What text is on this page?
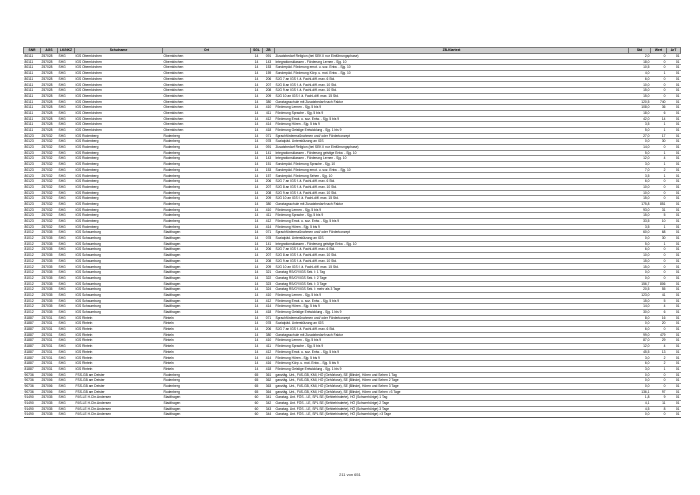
SNR	AGS	LK/NKZ	Schulname	Ort	SGL	ZB	ZB-Klartext	Std	Wert	ArT
80111	257028	SHG	IGS Obernkirchen	Obernkirchen	14	091	Zusatzbedarf Religion (bei SEK II nur Einführungsphase)	2,0	0	01
80111	257028	SHG	IGS Obernkirchen	Obernkirchen	14	143	Integrationsklassen - Förderung Lernen - Sjg. 10	18,0	0	01
80111	257028	SHG	IGS Obernkirchen	Obernkirchen	14	153	Sonderpäd. Förderung emot. u. soz. Entw. - Sjg. 10	10,5	0	01
80111	257028	SHG	IGS Obernkirchen	Obernkirchen	14	159	Sonderpäd. Förderung Körp. u. mot. Entw. - Sjg. 10	4,0	1	01
80111	257028	SHG	IGS Obernkirchen	Obernkirchen	14	206	SJG 7 an IGS f. ä. Fachl-diff. max. 6 Std.	6,0	0	01
80111	257028	SHG	IGS Obernkirchen	Obernkirchen	14	207	SJG 8 an IGS f. ä. Fachl-diff. max. 10 Std.	10,0	0	01
80111	257028	SHG	IGS Obernkirchen	Obernkirchen	14	208	SJG 9 an IGS f. ä. Fachl-diff. max. 10 Std.	15,0	0	01
80111	257028	SHG	IGS Obernkirchen	Obernkirchen	14	209	SJG 10 an IGS f. ä. Fachl-diff. max. 15 Std.	15,0	0	01
80111	257028	SHG	IGS Obernkirchen	Obernkirchen	14	380	Ganztagsschule mit Zusatzbedarf nach Faktor	120,5	740	01
80111	257028	SHG	IGS Obernkirchen	Obernkirchen	14	410	Förderung Lernen - Sjg. 5 bis 9	108,0	36	01
80111	257028	SHG	IGS Obernkirchen	Obernkirchen	14	411	Förderung Sprache - Sjg. 5 bis 9	18,0	6	01
80111	257028	SHG	IGS Obernkirchen	Obernkirchen	14	412	Förderung Emot. u. soz. Entw. - Sjg. 5 bis 9	42,0	14	01
80111	257028	SHG	IGS Obernkirchen	Obernkirchen	14	414	Förderung Hören - Sjg. 5 bis 9	3,5	1	01
80111	257028	SHG	IGS Obernkirchen	Obernkirchen	14	418	Förderung Geistige Entwicklung - Sjg. 1 bis 9	5,0	1	01
80123	257032	SHG	IGS Rodenberg	Rodenberg	14	071	Sprachfördermaßnahmen und/ oder Förderkonzept	27,0	17	01
80123	257032	SHG	IGS Rodenberg	Rodenberg	14	078	Sozialpäd. Unterstützung an IGS	0,0	30	01
80123	257032	SHG	IGS Rodenberg	Rodenberg	14	091	Zusatzbedarf Religion (bei SEK II nur Einführungsphase)	14,0	0	01
80123	257032	SHG	IGS Rodenberg	Rodenberg	14	141	Integrationsklassen - Förderung geistige Entw. - Sjg. 10	5,0	1	01
80123	257032	SHG	IGS Rodenberg	Rodenberg	14	143	Integrationsklassen - Förderung Lernen - Sjg. 10	12,0	4	01
80123	257032	SHG	IGS Rodenberg	Rodenberg	14	151	Sonderpäd. Förderung Sprache - Sjg. 10	3,0	1	01
80123	257032	SHG	IGS Rodenberg	Rodenberg	14	153	Sonderpäd. Förderung emot. u. soz. Entw. - Sjg. 10	7,0	2	01
80123	257032	SHG	IGS Rodenberg	Rodenberg	14	157	Sonderpäd. Förderung Sehen - Sjg. 10	3,5	1	01
80123	257032	SHG	IGS Rodenberg	Rodenberg	14	206	SJG 7 an IGS f. ä. Fachl-diff. max. 6 Std.	6,0	0	01
80123	257032	SHG	IGS Rodenberg	Rodenberg	14	207	SJG 8 an IGS f. ä. Fachl-diff. max. 10 Std.	10,0	0	01
80123	257032	SHG	IGS Rodenberg	Rodenberg	14	208	SJG 9 an IGS f. ä. Fachl-diff. max. 10 Std.	10,0	0	01
80123	257032	SHG	IGS Rodenberg	Rodenberg	14	209	SJG 10 an IGS f. ä. Fachl-diff. max. 15 Std.	15,0	0	01
80123	257032	SHG	IGS Rodenberg	Rodenberg	14	380	Ganztagsschule mit Zusatzbedarf nach Faktor	175,8	851	01
80123	257032	SHG	IGS Rodenberg	Rodenberg	14	410	Förderung Lernen - Sjg. 5 bis 9	93,0	31	01
80123	257032	SHG	IGS Rodenberg	Rodenberg	14	411	Förderung Sprache - Sjg. 5 bis 9	15,0	5	01
80123	257032	SHG	IGS Rodenberg	Rodenberg	14	412	Förderung Emot. u. soz. Entw. - Sjg. 5 bis 9	33,5	10	01
80123	257032	SHG	IGS Rodenberg	Rodenberg	14	414	Förderung Hören - Sjg. 5 bis 9	3,5	1	01
81012	257035	SHG	IGS Schaumburg	Stadthagen	14	071	Sprachfördermaßnahmen und/ oder Förderkonzept	60,0	68	01
81012	257035	SHG	IGS Schaumburg	Stadthagen	14	078	Sozialpäd. Unterstützung an IGS	0,0	30	01
81012	257035	SHG	IGS Schaumburg	Stadthagen	14	141	Integrationsklassen - Förderung geistige Entw. - Sjg. 10	5,0	1	01
81012	257035	SHG	IGS Schaumburg	Stadthagen	14	206	SJG 7 an IGS f. ä. Fachl-diff. max. 6 Std.	6,0	0	01
81012	257035	SHG	IGS Schaumburg	Stadthagen	14	207	SJG 8 an IGS f. ä. Fachl-diff. max. 10 Std.	10,0	0	01
81012	257035	SHG	IGS Schaumburg	Stadthagen	14	208	SJG 9 an IGS f. ä. Fachl-diff. max. 10 Std.	15,0	0	01
81012	257035	SHG	IGS Schaumburg	Stadthagen	14	209	SJG 10 an IGS f. ä. Fachl-diff. max. 15 Std.	15,0	0	01
81012	257035	SHG	IGS Schaumburg	Stadthagen	14	321	Ganztag RS/GY/IGS Sek. I: 1 Tag	0,0	0	01
81012	257035	SHG	IGS Schaumburg	Stadthagen	14	322	Ganztag RS/GY/IGS Sek. I: 2 Tage	0,0	0	01
81012	257035	SHG	IGS Schaumburg	Stadthagen	14	323	Ganztag RS/GY/IGS Sek. I: 3 Tage	156,7	806	01
81012	257035	SHG	IGS Schaumburg	Stadthagen	14	324	Ganztag RS/GY/IGS Sek. I: mehr als 3 Tage	20,5	55	01
81012	257035	SHG	IGS Schaumburg	Stadthagen	14	410	Förderung Lernen - Sjg. 5 bis 9	123,0	41	01
81012	257035	SHG	IGS Schaumburg	Stadthagen	14	412	Förderung Emot. u. soz. Entw. - Sjg. 5 bis 9	15,0	5	01
81012	257035	SHG	IGS Schaumburg	Stadthagen	14	414	Förderung Hören - Sjg. 5 bis 9	14,0	4	01
81012	257035	SHG	IGS Schaumburg	Stadthagen	14	418	Förderung Geistige Entwicklung - Sjg. 1 bis 9	30,0	6	01
81887	257031	SHG	IGS Rinteln	Rinteln	14	071	Sprachfördermaßnahmen und/ oder Förderkonzept	8,0	16	01
81887	257031	SHG	IGS Rinteln	Rinteln	14	078	Sozialpäd. Unterstützung an IGS	0,0	20	01
81887	257031	SHG	IGS Rinteln	Rinteln	14	206	SJG 7 an IGS f. ä. Fachl-diff. max. 6 Std.	6,0	0	01
81887	257031	SHG	IGS Rinteln	Rinteln	14	380	Ganztagsschule mit Zusatzbedarf nach Faktor	99,0	479	01
81887	257031	SHG	IGS Rinteln	Rinteln	14	410	Förderung Lernen - Sjg. 5 bis 9	87,0	29	01
81887	257031	SHG	IGS Rinteln	Rinteln	14	411	Förderung Sprache - Sjg. 5 bis 9	12,0	4	01
81887	257031	SHG	IGS Rinteln	Rinteln	14	412	Förderung Emot. u. soz. Entw. - Sjg. 5 bis 9	45,5	13	01
81887	257031	SHG	IGS Rinteln	Rinteln	14	414	Förderung Hören - Sjg. 5 bis 9	3,0	2	01
81887	257031	SHG	IGS Rinteln	Rinteln	14	416	Förderung Körp. u. mot. Entw. - Sjg. 5 bis 9	6,0	2	01
81887	257031	SHG	IGS Rinteln	Rinteln	14	418	Förderung Geistige Entwicklung - Sjg. 1 bis 9	3,0	1	01
90736	257006	SHG	FSS-GB am Deister	Rodenberg	65	361	ganztäg. Unt., FöS-GB, KMI, HÖ (Gehörlose), SE (Blinde), Hören und Sehen 1 Tag	0,0	0	01
90736	257006	SHG	FSS-GB am Deister	Rodenberg	65	362	ganztäg. Unt., FöS-GB, KMI, HÖ (Gehörlose), SE (Blinde), Hören und Sehen 2 Tage	0,0	0	01
90736	257006	SHG	FSS-GB am Deister	Rodenberg	65	363	ganztäg. Unt., FöS-GB, KMI, HÖ (Gehörlose), SE (Blinde), Hören und Sehen 3 Tage	0,0	0	01
90736	257006	SHG	FSS-GB am Deister	Rodenberg	65	364	ganztäg. Unt., FöS-GB, KMI, HÖ (Gehörlose), SE (Blinde), Hören und Sehen >3 Tage	136,1	97	01
91490	257035	SHG	FöS-LE H.Chr.Andersen	Stadthagen	60	341	Ganztag. Unt. FÖS - LE, SPL SE (Sehbehinderte), HÖ (Schwerhörige) 1 Tag	1,8	9	01
91490	257035	SHG	FöS-LE H.Chr.Andersen	Stadthagen	60	342	Ganztag. Unt. FÖS - LE, SPL SE (Sehbehinderte), HÖ (Schwerhörige) 2 Tage	4,1	11	01
91490	257035	SHG	FöS-LE H.Chr.Andersen	Stadthagen	60	343	Ganztag. Unt. FÖS - LE, SPL SE (Sehbehinderte), HÖ (Schwerhörige) 3 Tage	4,5	8	01
91490	257035	SHG	FöS-LE H.Chr.Andersen	Stadthagen	60	344	Ganztag. Unt. FÖS - LE, SPL SE (Sehbehinderte), HÖ (Schwerhörige) >3 Tage	0,0	0	01
211 von 651
